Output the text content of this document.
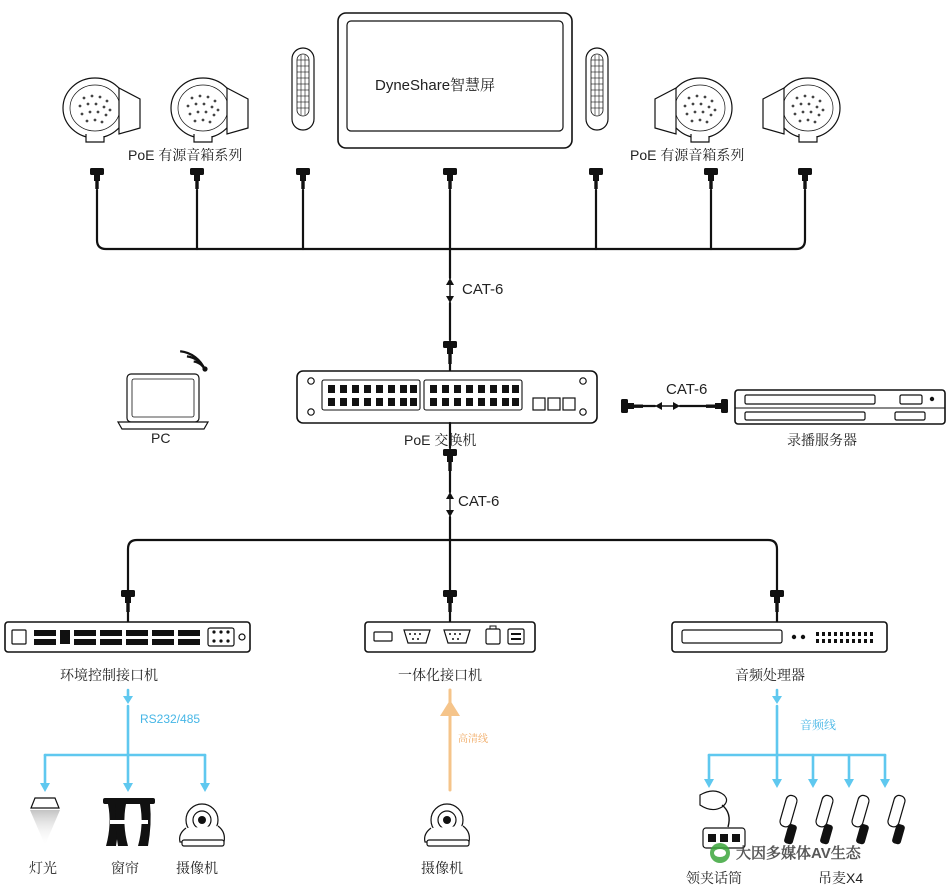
DyneShare智慧屏
PoE 有源音箱系列	PoE 有源音箱系列
CAT-6
CAT-6
CAT-6
PC	PoE 交换机	录播服务器
环境控制接口机	一体化接口机	音频处理器
RS232/485
高清线
音频线
灯光	窗帘	摄像机	摄像机
领夹话筒	吊麦X4
大因多媒体AV生态
